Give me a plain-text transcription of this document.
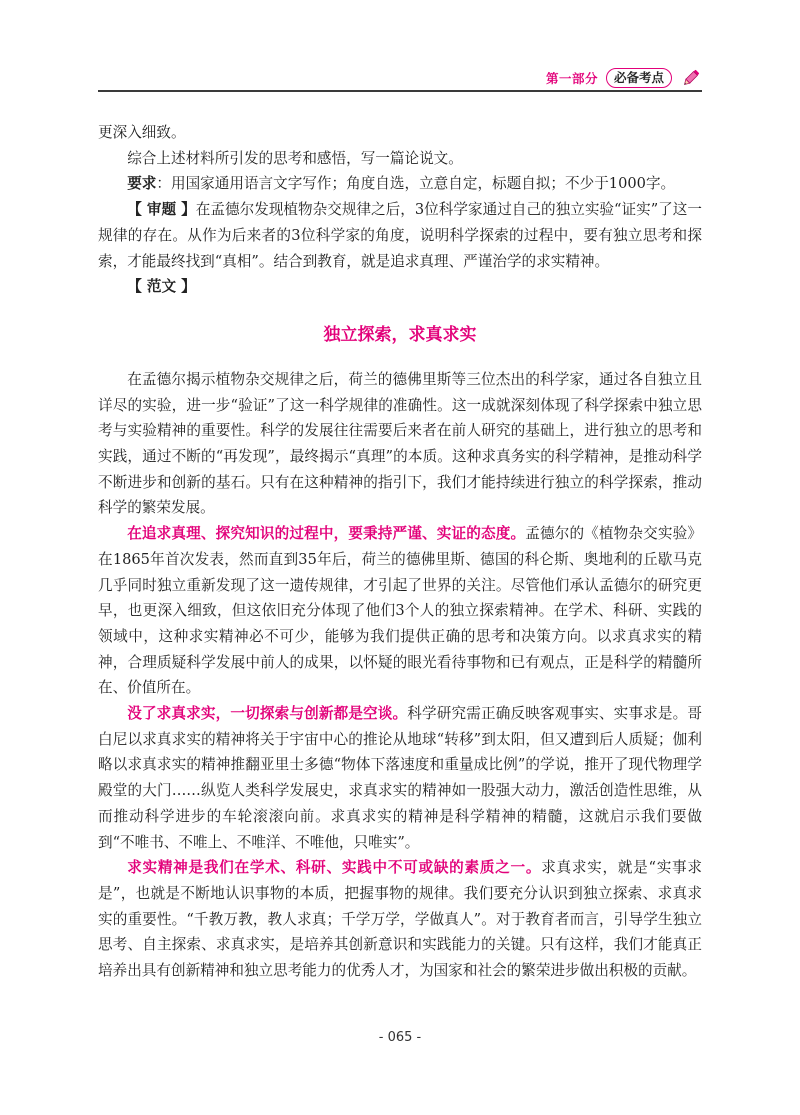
第一部分	必备考点

更深入细致。

综合上述材料所引发的思考和感悟，写一篇论说文。

要求：用国家通用语言文字写作；角度自选，立意自定，标题自拟；不少于1000字。

【 审题 】在孟德尔发现植物杂交规律之后，3位科学家通过自己的独立实验“证实”了这一规律的存在。从作为后来者的3位科学家的角度，说明科学探索的过程中，要有独立思考和探索，才能最终找到“真相”。结合到教育，就是追求真理、严谨治学的求实精神。

【 范文 】

独立探索，求真求实

在孟德尔揭示植物杂交规律之后，荷兰的德佛里斯等三位杰出的科学家，通过各自独立且详尽的实验，进一步“验证”了这一科学规律的准确性。这一成就深刻体现了科学探索中独立思考与实验精神的重要性。科学的发展往往需要后来者在前人研究的基础上，进行独立的思考和实践，通过不断的“再发现”，最终揭示“真理”的本质。这种求真务实的科学精神，是推动科学不断进步和创新的基石。只有在这种精神的指引下，我们才能持续进行独立的科学探索，推动科学的繁荣发展。

在追求真理、探究知识的过程中，要秉持严谨、实证的态度。孟德尔的《植物杂交实验》在1865年首次发表，然而直到35年后，荷兰的德佛里斯、德国的科仑斯、奥地利的丘歇马克几乎同时独立重新发现了这一遗传规律，才引起了世界的关注。尽管他们承认孟德尔的研究更早，也更深入细致，但这依旧充分体现了他们3个人的独立探索精神。在学术、科研、实践的领域中，这种求实精神必不可少，能够为我们提供正确的思考和决策方向。以求真求实的精神，合理质疑科学发展中前人的成果，以怀疑的眼光看待事物和已有观点，正是科学的精髓所在、价值所在。

没了求真求实，一切探索与创新都是空谈。科学研究需正确反映客观事实、实事求是。哥白尼以求真求实的精神将关于宇宙中心的推论从地球“转移”到太阳，但又遭到后人质疑；伽利略以求真求实的精神推翻亚里士多德“物体下落速度和重量成比例”的学说，推开了现代物理学殿堂的大门……纵览人类科学发展史，求真求实的精神如一股强大动力，激活创造性思维，从而推动科学进步的车轮滚滚向前。求真求实的精神是科学精神的精髓，这就启示我们要做到“不唯书、不唯上、不唯洋、不唯他，只唯实”。

求实精神是我们在学术、科研、实践中不可或缺的素质之一。求真求实，就是“实事求是”，也就是不断地认识事物的本质，把握事物的规律。我们要充分认识到独立探索、求真求实的重要性。“千教万教，教人求真；千学万学，学做真人”。对于教育者而言，引导学生独立思考、自主探索、求真求实，是培养其创新意识和实践能力的关键。只有这样，我们才能真正培养出具有创新精神和独立思考能力的优秀人才，为国家和社会的繁荣进步做出积极的贡献。

- 065 -
